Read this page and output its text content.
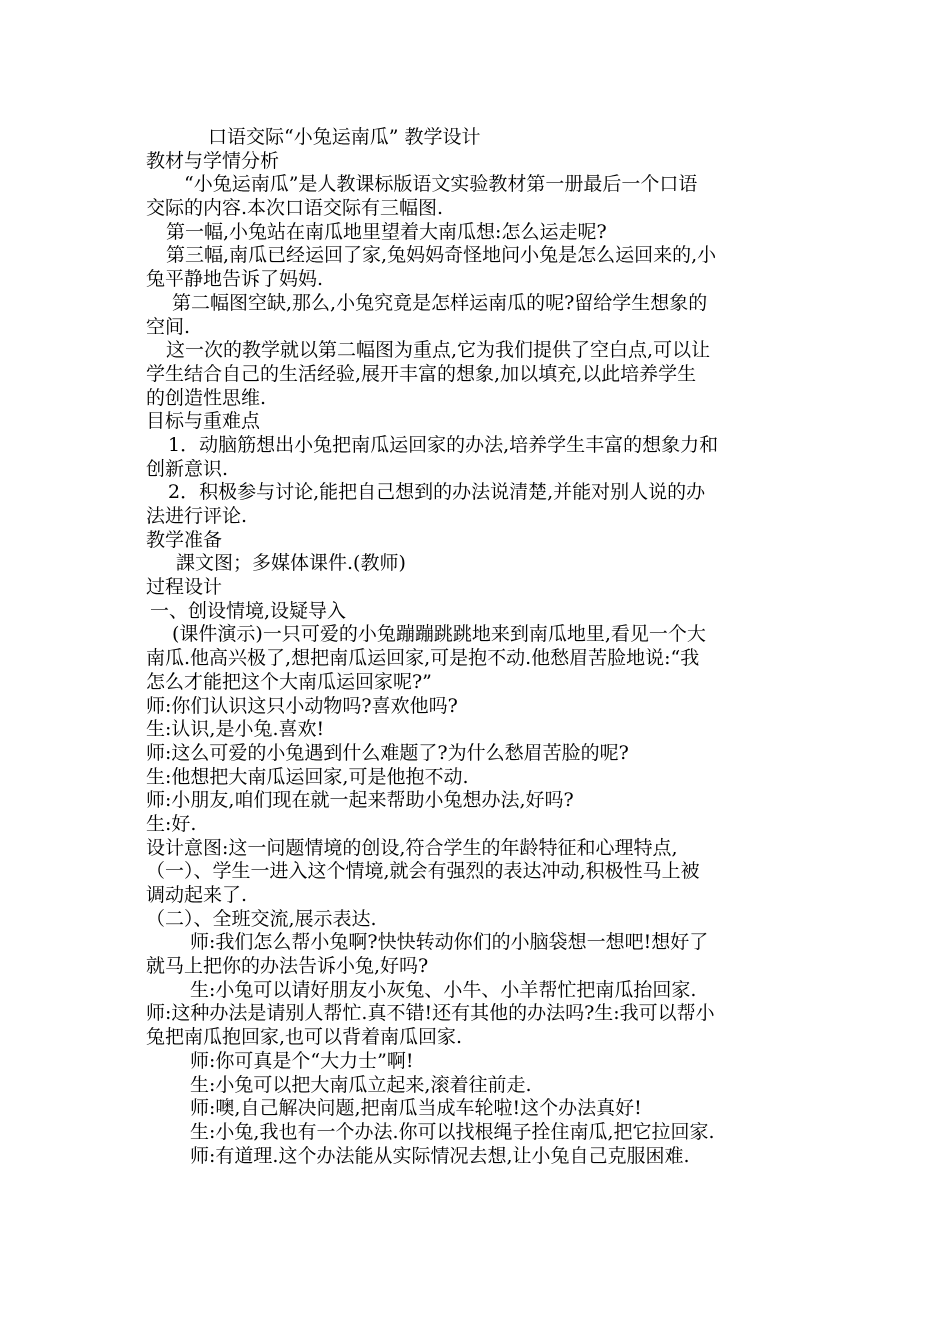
口语交际“小兔运南瓜” 教学设计
教材与学情分析
“小兔运南瓜”是人教课标版语文实验教材第一册最后一个口语
交际的内容.本次口语交际有三幅图.
第一幅,小兔站在南瓜地里望着大南瓜想:怎么运走呢?
第三幅,南瓜已经运回了家,兔妈妈奇怪地问小兔是怎么运回来的,小
兔平静地告诉了妈妈.
第二幅图空缺,那么,小兔究竟是怎样运南瓜的呢?留给学生想象的
空间.
这一次的教学就以第二幅图为重点,它为我们提供了空白点,可以让
学生结合自己的生活经验,展开丰富的想象,加以填充,以此培养学生
的创造性思维.
目标与重难点
1．动脑筋想出小兔把南瓜运回家的办法,培养学生丰富的想象力和
创新意识.
2．积极参与讨论,能把自己想到的办法说清楚,并能对别人说的办
法进行评论.
教学准备
課文图；多媒体课件.(教师)
过程设计
一、创设情境,设疑导入
(课件演示)一只可爱的小兔蹦蹦跳跳地来到南瓜地里,看见一个大
南瓜.他高兴极了,想把南瓜运回家,可是抱不动.他愁眉苦脸地说:“我
怎么才能把这个大南瓜运回家呢?”
师:你们认识这只小动物吗?喜欢他吗?
生:认识,是小兔.喜欢!
师:这么可爱的小兔遇到什么难题了?为什么愁眉苦脸的呢?
生:他想把大南瓜运回家,可是他抱不动.
师:小朋友,咱们现在就一起来帮助小兔想办法,好吗?
生:好.
设计意图:这一问题情境的创设,符合学生的年龄特征和心理特点,
（一）、学生一进入这个情境,就会有强烈的表达冲动,积极性马上被
调动起来了.
（二）、全班交流,展示表达.
师:我们怎么帮小兔啊?快快转动你们的小脑袋想一想吧!想好了
就马上把你的办法告诉小兔,好吗?
生:小兔可以请好朋友小灰兔、小牛、小羊帮忙把南瓜抬回家.
师:这种办法是请别人帮忙.真不错!还有其他的办法吗?生:我可以帮小
兔把南瓜抱回家,也可以背着南瓜回家.
师:你可真是个“大力士”啊!
生:小兔可以把大南瓜立起来,滚着往前走.
师:噢,自己解决问题,把南瓜当成车轮啦!这个办法真好!
生:小兔,我也有一个办法.你可以找根绳子拴住南瓜,把它拉回家.
师:有道理.这个办法能从实际情况去想,让小兔自己克服困难.
